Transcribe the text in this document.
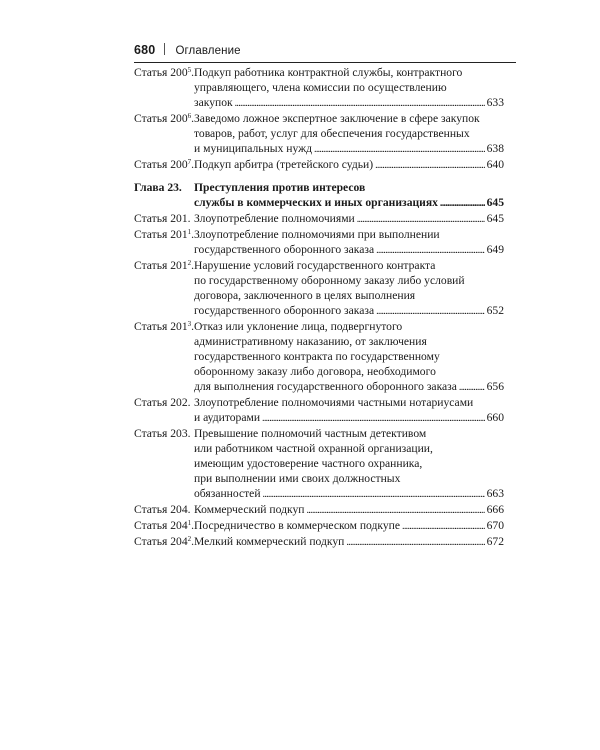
680 Оглавление
Статья $200^5$. Подкуп работника контрактной службы, контрактного
управляющего, члена комиссии по осуществлению
закупок . . .	633
Статья $200^6$. Заведомо ложное экспертное заключение в сфере закупок
товаров, работ, услуг для обеспечения государственных
и муниципальных нужд . . .	638
Статья $200^7$. Подкуп арбитра (третейского судьи) . . .	640
Глава 23.	Преступления против интересов
службы в коммерческих и иных организациях . . .	645
Статья 201. Злоупотребление полномочиями . . .	645
Статья $201^1$. Злоупотребление полномочиями при выполнении
государственного оборонного заказа . . .	649
Статья $201^2$. Нарушение условий государственного контракта
по государственному оборонному заказу либо условий
договора, заключенного в целях выполнения
государственного оборонного заказа . . .	652
Статья $201^3$. Отказ или уклонение лица, подвергнутого
административному наказанию, от заключения
государственного контракта по государственному
оборонному заказу либо договора, необходимого
для выполнения государственного оборонного заказа . . .	656
Статья 202. Злоупотребление полномочиями частными нотариусами
и аудиторами . . .	660
Статья 203. Превышение полномочий частным детективом
или работником частной охранной организации,
имеющим удостоверение частного охранника,
при выполнении ими своих должностных
обязанностей . . .	663
Статья 204. Коммерческий подкуп . . .	666
Статья $204^1$. Посредничество в коммерческом подкупе . . .	670
Статья $204^2$. Мелкий коммерческий подкуп . . .	672
